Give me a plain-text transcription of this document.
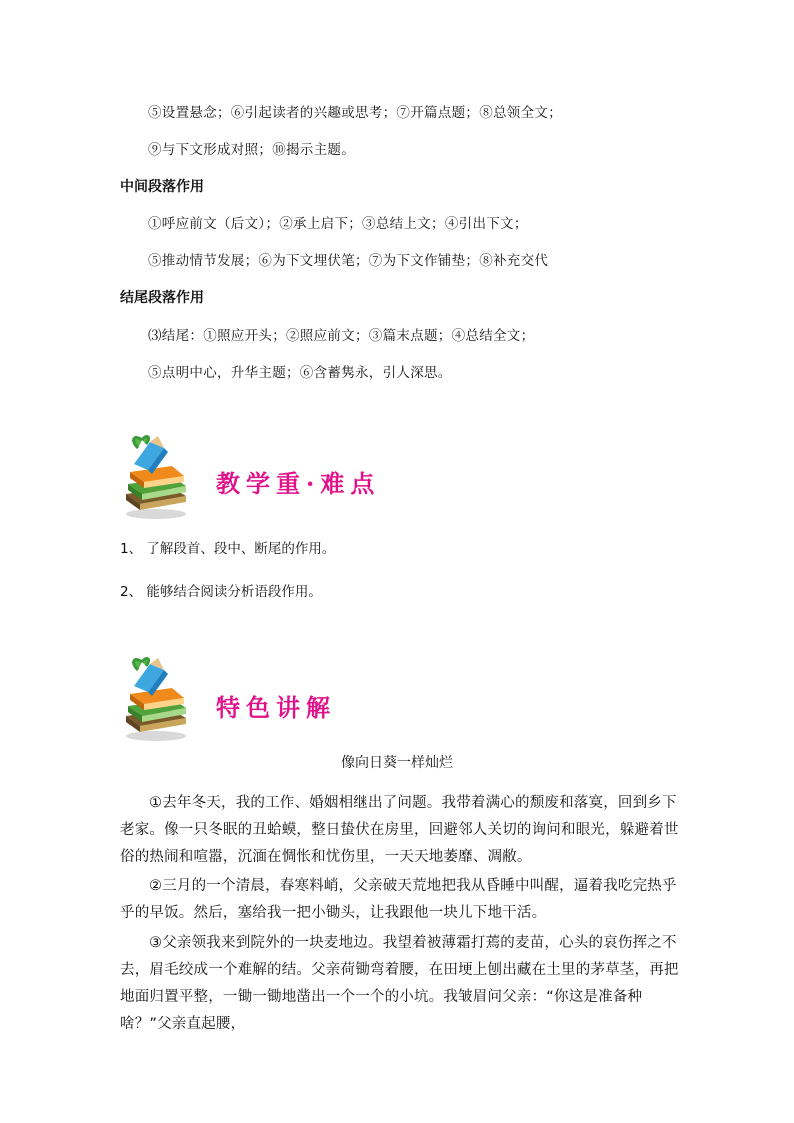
⑤设置悬念；⑥引起读者的兴趣或思考；⑦开篇点题；⑧总领全文；
⑨与下文形成对照；⑩揭示主题。
中间段落作用
①呼应前文（后文）；②承上启下；③总结上文；④引出下文；
⑤推动情节发展；⑥为下文埋伏笔；⑦为下文作铺垫；⑧补充交代
结尾段落作用
⑶结尾：①照应开头；②照应前文；③篇末点题；④总结全文；
⑤点明中心，升华主题；⑥含蓄隽永，引人深思。
教学重·难点
1、 了解段首、段中、断尾的作用。
2、 能够结合阅读分析语段作用。
特色讲解
像向日葵一样灿烂

①去年冬天，我的工作、婚姻相继出了问题。我带着满心的颓废和落寞，回到乡下老家。像一只冬眠的丑蛤蟆，整日蛰伏在房里，回避邻人关切的询问和眼光，躲避着世俗的热闹和喧嚣，沉湎在惆怅和忧伤里，一天天地萎靡、凋敝。

②三月的一个清晨，春寒料峭，父亲破天荒地把我从昏睡中叫醒，逼着我吃完热乎乎的早饭。然后，塞给我一把小锄头，让我跟他一块儿下地干活。

③父亲领我来到院外的一块麦地边。我望着被薄霜打蔫的麦苗，心头的哀伤挥之不去，眉毛绞成一个难解的结。父亲荷锄弯着腰，在田埂上刨出藏在土里的茅草茎，再把地面归置平整，一锄一锄地凿出一个一个的小坑。我皱眉问父亲：“你这是准备种啥？”父亲直起腰，
